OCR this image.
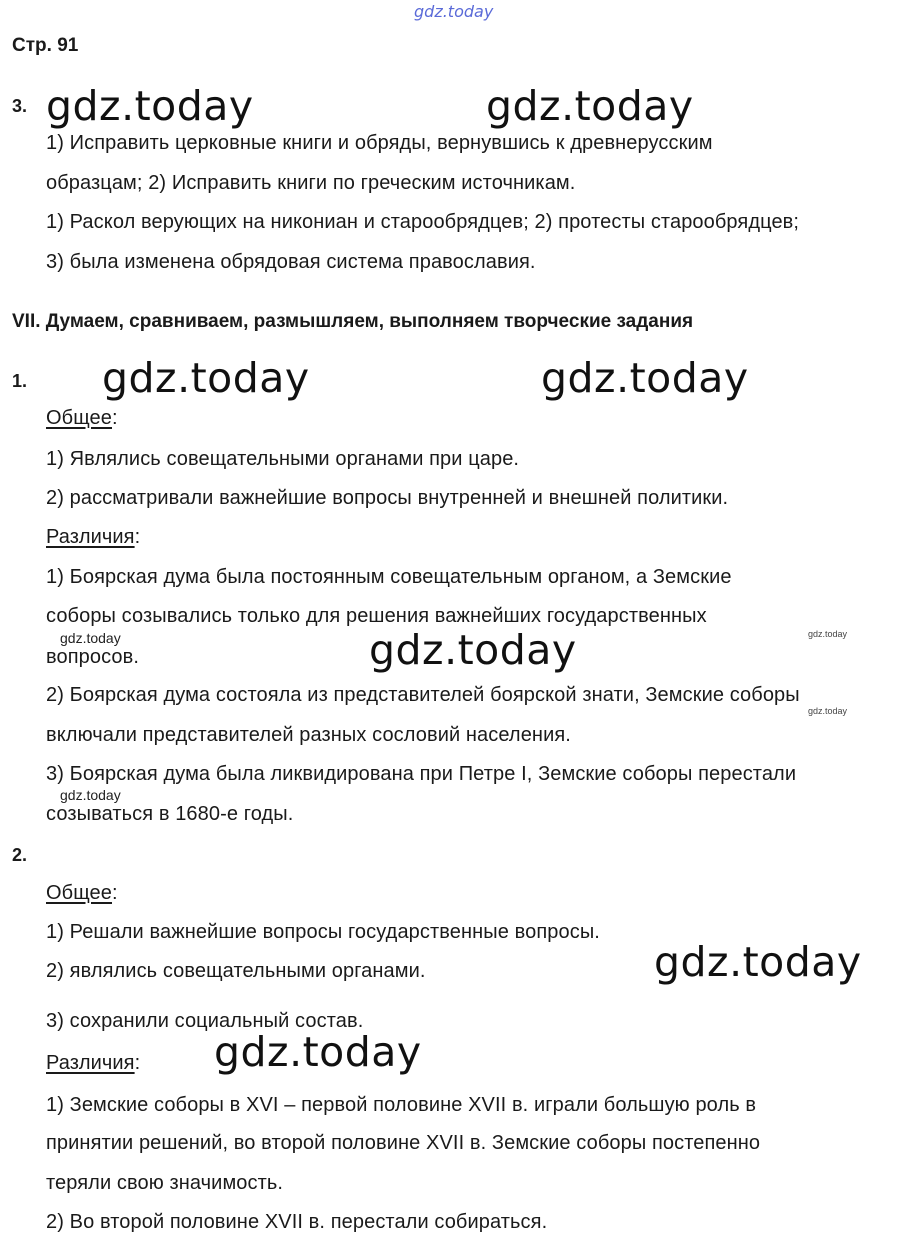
gdz.today
Стр. 91
3. gdz.today	gdz.today
1) Исправить церковные книги и обряды, вернувшись к древнерусским
образцам; 2) Исправить книги по греческим источникам.
1) Раскол верующих на никониан и старообрядцев; 2) протесты старообрядцев;
3) была изменена обрядовая система православия.
VII. Думаем, сравниваем, размышляем, выполняем творческие задания
1. gdz.today	gdz.today
Общее:
1) Являлись совещательными органами при царе.
2) рассматривали важнейшие вопросы внутренней и внешней политики.
Различия:
1) Боярская дума была постоянным совещательным органом, а Земские
соборы созывались только для решения важнейших государственных
gdz.today	gdz.today
вопросов.	gdz.today
2) Боярская дума состояла из представителей боярской знати, Земские соборы
gdz.today
включали представителей разных сословий населения.
3) Боярская дума была ликвидирована при Петре I, Земские соборы перестали
gdz.today
созываться в 1680-е годы.
2.
Общее:
1) Решали важнейшие вопросы государственные вопросы.
gdz.today
2) являлись совещательными органами.
3) сохранили социальный состав.
gdz.today
Различия:
1) Земские соборы в XVI – первой половине XVII в. играли большую роль в
принятии решений, во второй половине XVII в. Земские соборы постепенно
теряли свою значимость.
2) Во второй половине XVII в. перестали собираться.
